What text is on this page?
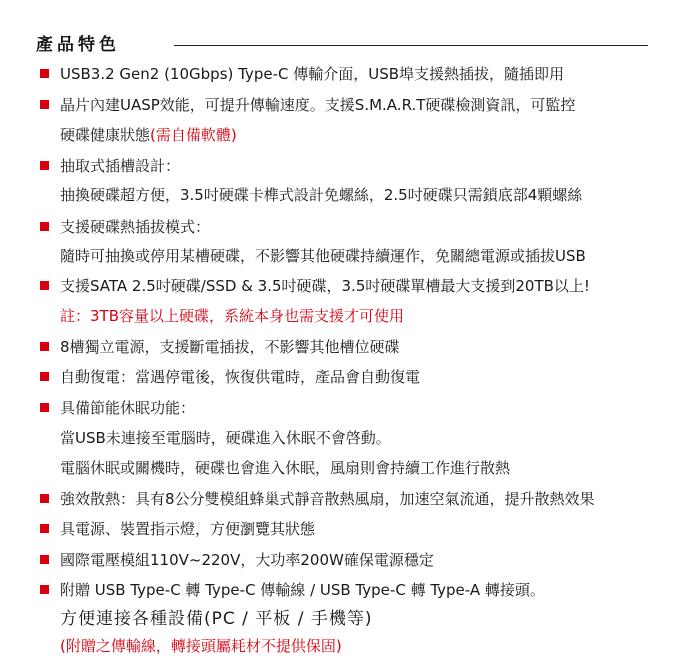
產品特色
USB3.2 Gen2 (10Gbps) Type-C 傳輸介面，USB埠支援熱插拔，隨插即用
晶片內建UASP效能，可提升傳輸速度。支援S.M.A.R.T硬碟檢測資訊，可監控
硬碟健康狀態(需自備軟體)
抽取式插槽設計：
抽換硬碟超方便，3.5吋硬碟卡榫式設計免螺絲，2.5吋硬碟只需鎖底部4顆螺絲
支援硬碟熱插拔模式：
隨時可抽換或停用某槽硬碟，不影響其他硬碟持續運作，免關總電源或插拔USB
支援SATA 2.5吋硬碟/SSD & 3.5吋硬碟，3.5吋硬碟單槽最大支援到20TB以上!
註：3TB容量以上硬碟，系統本身也需支援才可使用
8槽獨立電源，支援斷電插拔，不影響其他槽位硬碟
自動復電：當遇停電後，恢復供電時，產品會自動復電
具備節能休眠功能：
當USB未連接至電腦時，硬碟進入休眠不會啓動。
電腦休眠或關機時，硬碟也會進入休眠，風扇則會持續工作進行散熱
強效散熱：具有8公分雙模組蜂巢式靜音散熱風扇，加速空氣流通，提升散熱效果
具電源、裝置指示燈，方便瀏覽其狀態
國際電壓模組110V~220V，大功率200W確保電源穩定
附贈 USB Type-C 轉 Type-C 傳輸線 / USB Type-C 轉 Type-A 轉接頭。
方便連接各種設備(PC / 平板 / 手機等)
(附贈之傳輸線，轉接頭屬耗材不提供保固)
